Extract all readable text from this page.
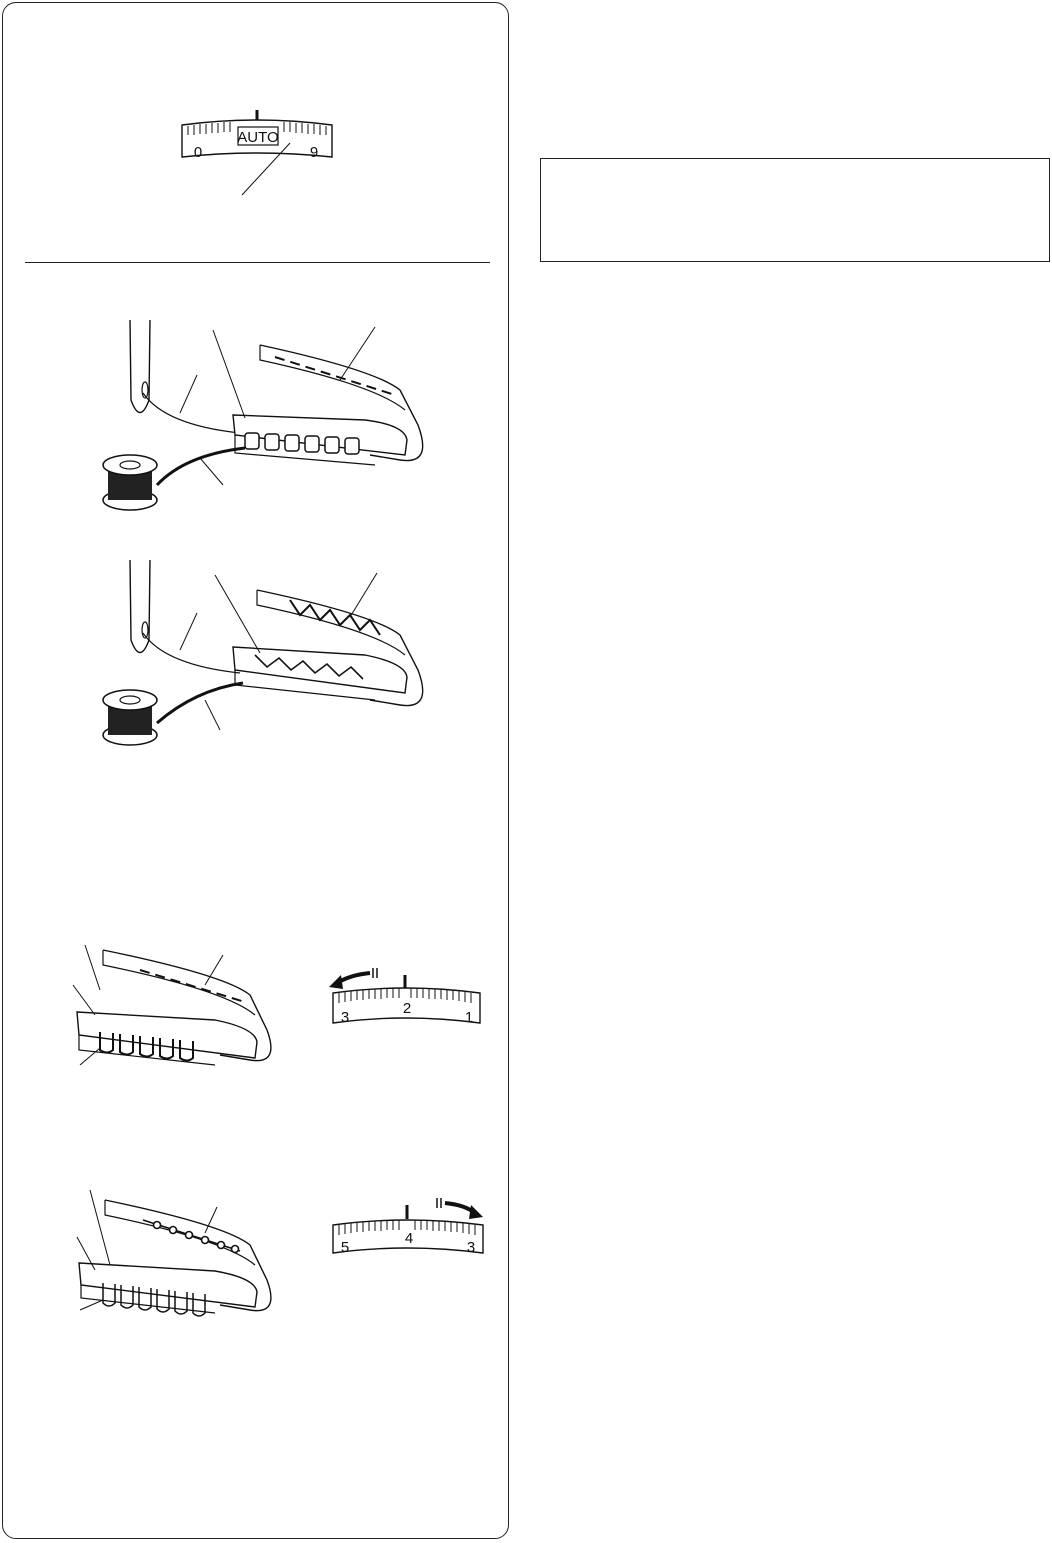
AUTO
0	9
3
2
1
5
4
3
